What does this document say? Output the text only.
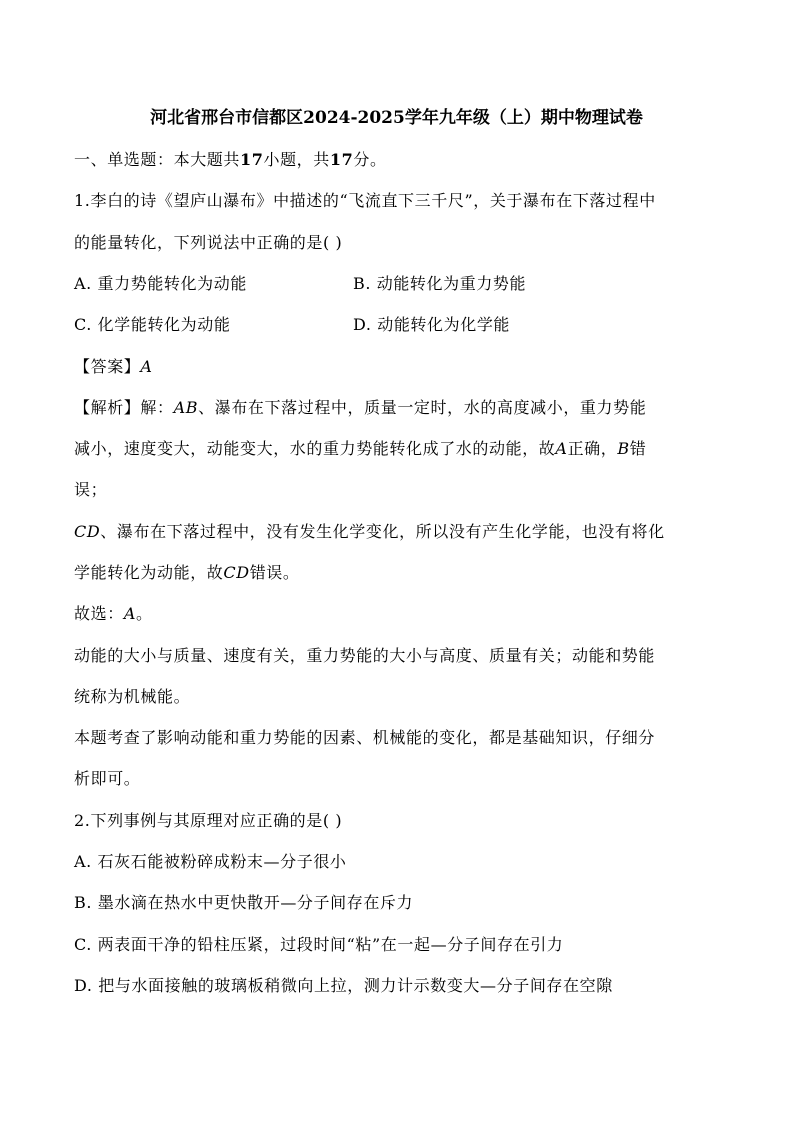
河北省邢台市信都区2024-2025学年九年级（上）期中物理试卷
一、单选题：本大题共17小题，共17分。
1.李白的诗《望庐山瀑布》中描述的“飞流直下三千尺”，关于瀑布在下落过程中
的能量转化，下列说法中正确的是( )
A. 重力势能转化为动能	B. 动能转化为重力势能
C. 化学能转化为动能	D. 动能转化为化学能
【答案】A
【解析】解：AB、瀑布在下落过程中，质量一定时，水的高度减小，重力势能
减小，速度变大，动能变大，水的重力势能转化成了水的动能，故A正确，B错
误；
CD、瀑布在下落过程中，没有发生化学变化，所以没有产生化学能，也没有将化
学能转化为动能，故CD错误。
故选：A。
动能的大小与质量、速度有关，重力势能的大小与高度、质量有关；动能和势能
统称为机械能。
本题考查了影响动能和重力势能的因素、机械能的变化，都是基础知识，仔细分
析即可。
2.下列事例与其原理对应正确的是( )
A. 石灰石能被粉碎成粉末—分子很小
B. 墨水滴在热水中更快散开—分子间存在斥力
C. 两表面干净的铅柱压紧，过段时间“粘”在一起—分子间存在引力
D. 把与水面接触的玻璃板稍微向上拉，测力计示数变大—分子间存在空隙
